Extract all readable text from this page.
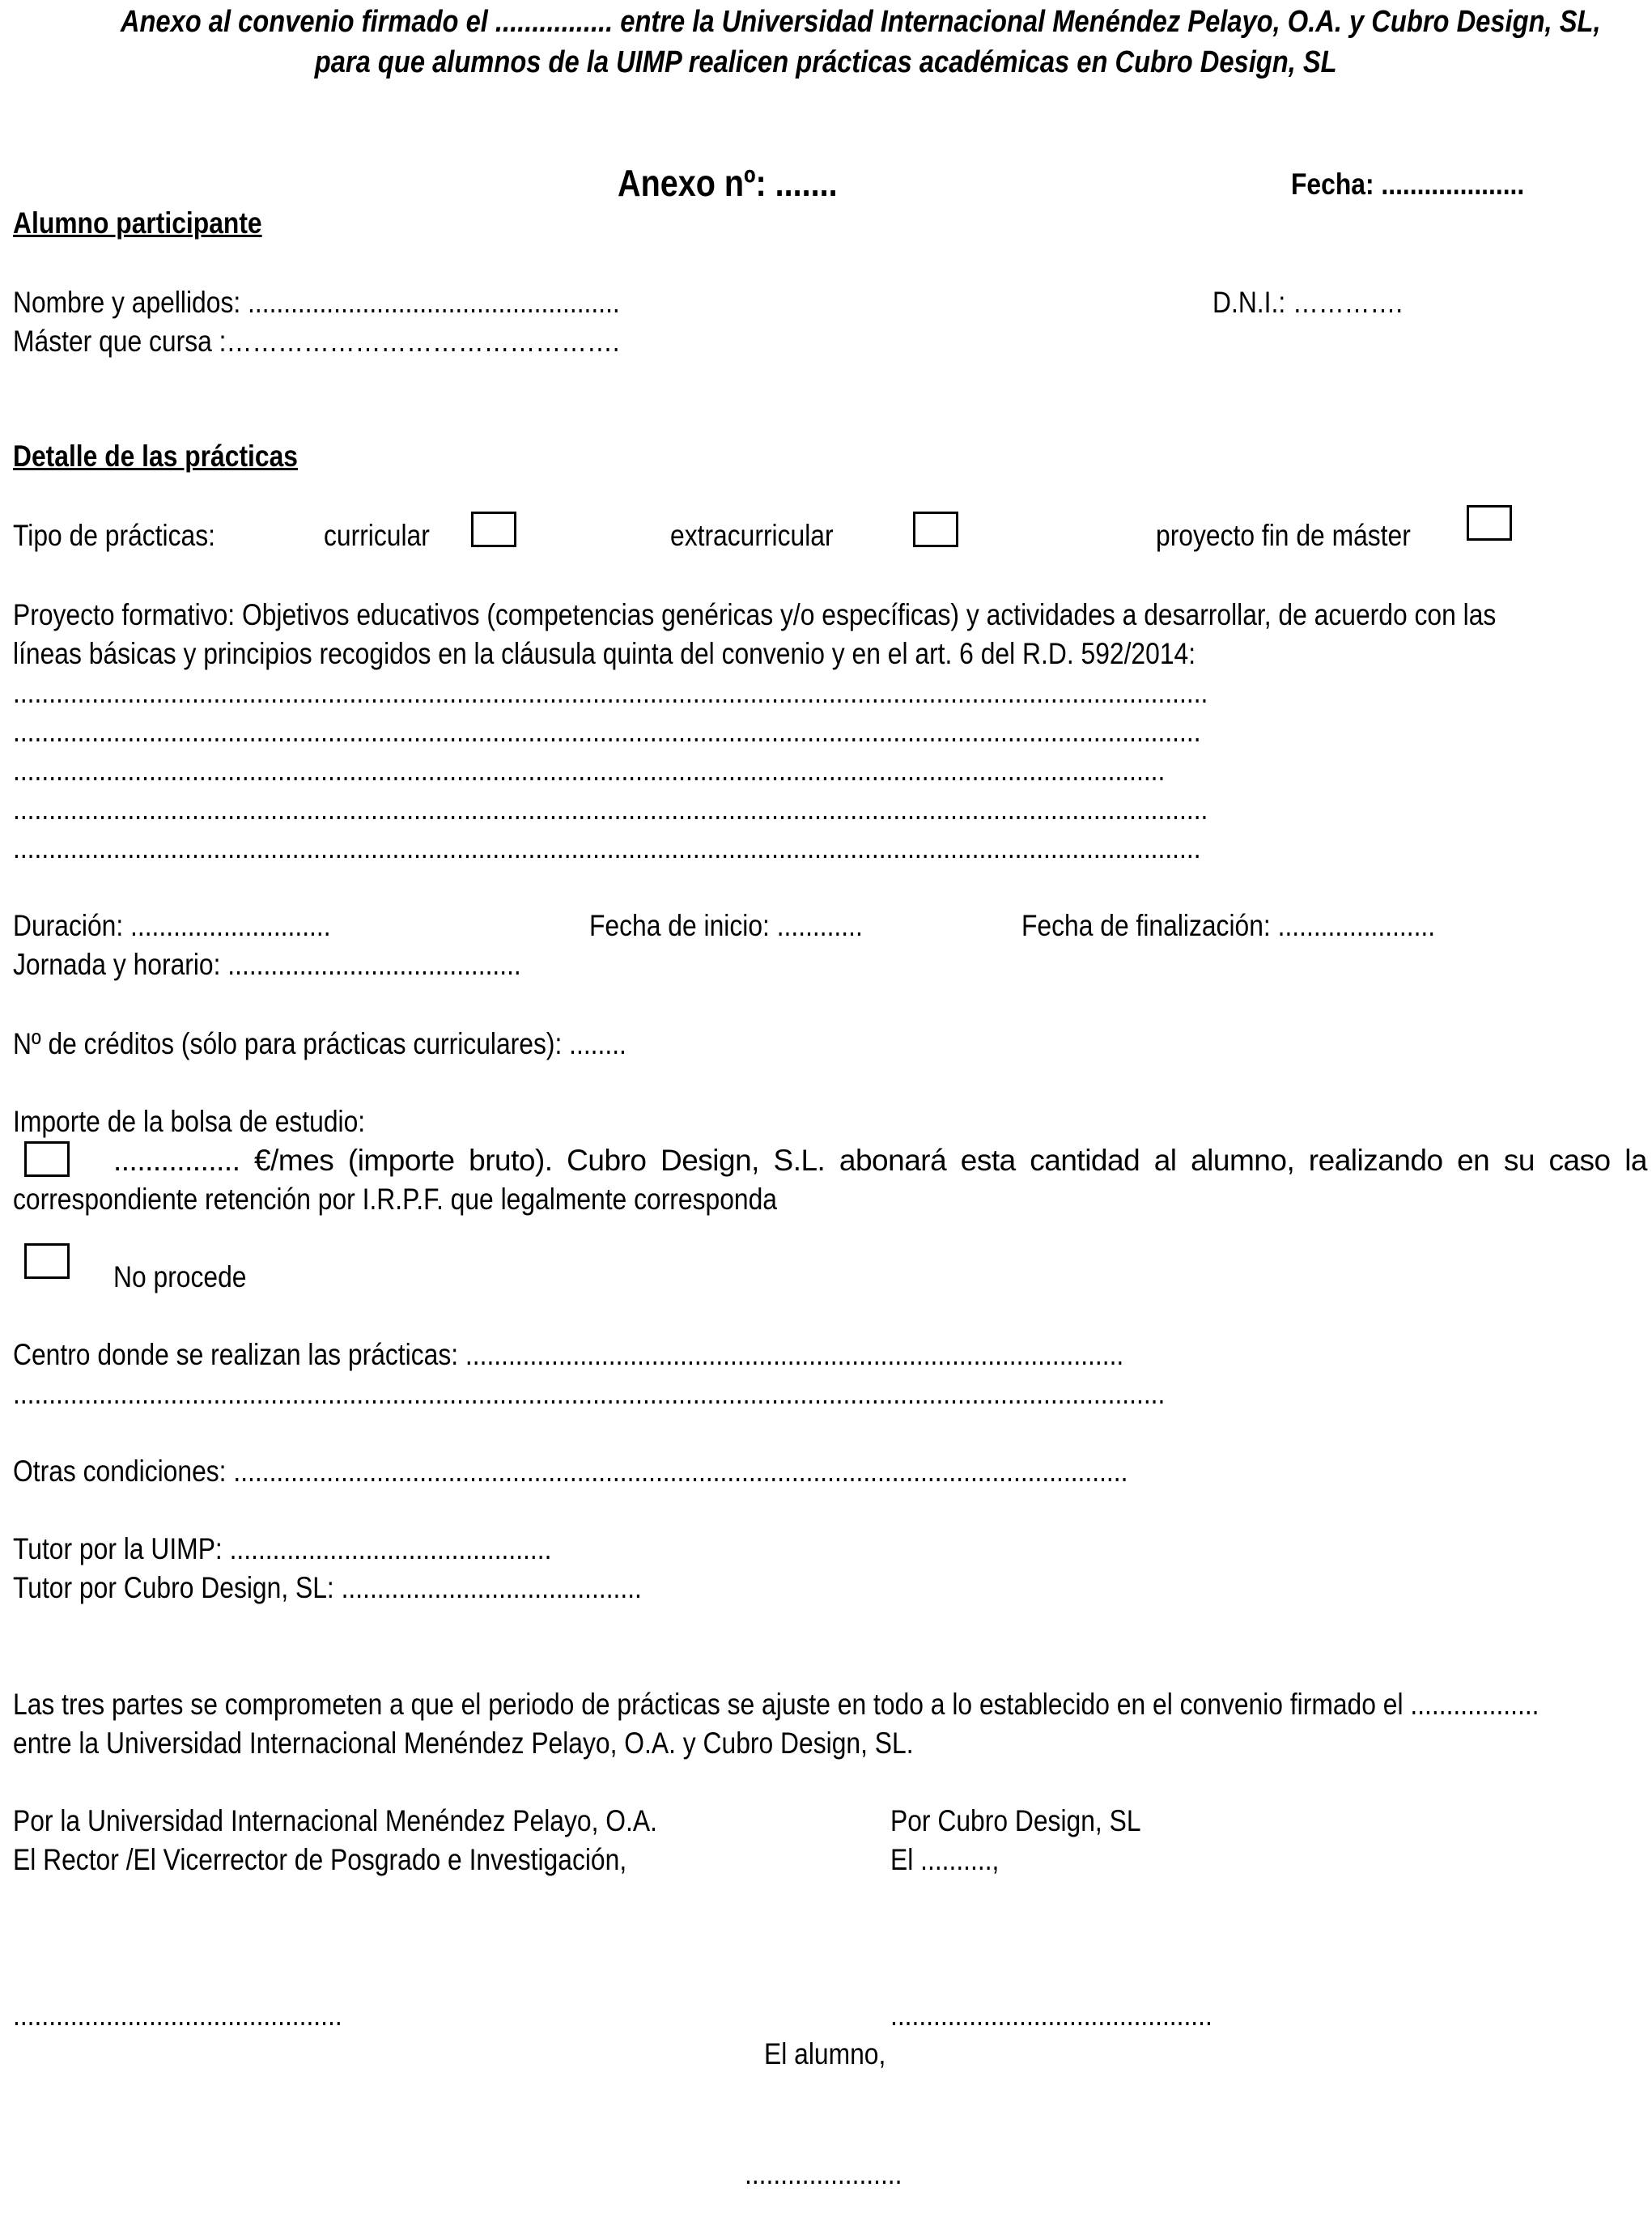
Anexo al convenio firmado el ................ entre la Universidad Internacional Menéndez Pelayo, O.A. y Cubro Design, SL,
para que alumnos de la UIMP realicen prácticas académicas en Cubro Design, SL
Anexo nº: .......	Fecha: ....................
Alumno participante
Nombre y apellidos: ....................................................	D.N.I.: ………….
Máster que cursa :……………………………………….
Detalle de las prácticas
Tipo de prácticas:	curricular	extracurricular	proyecto fin de máster
Proyecto formativo: Objetivos educativos (competencias genéricas y/o específicas) y actividades a desarrollar, de acuerdo con las
líneas básicas y principios recogidos en la cláusula quinta del convenio y en el art. 6 del R.D. 592/2014:
.......................................................................................................................................................................
......................................................................................................................................................................
.................................................................................................................................................................
.......................................................................................................................................................................
......................................................................................................................................................................
Duración: ............................	Fecha de inicio: ............	Fecha de finalización: ......................
Jornada y horario: .........................................
Nº de créditos (sólo para prácticas curriculares): ........
Importe de la bolsa de estudio:
................ €/mes (importe bruto). Cubro Design, S.L. abonará esta cantidad al alumno, realizando en su caso la
correspondiente retención por I.R.P.F. que legalmente corresponda
No procede
Centro donde se realizan las prácticas: ............................................................................................
.................................................................................................................................................................
Otras condiciones: .............................................................................................................................
Tutor por la UIMP: .............................................
Tutor por Cubro Design, SL: ..........................................
Las tres partes se comprometen a que el periodo de prácticas se ajuste en todo a lo establecido en el convenio firmado el ..................
entre la Universidad Internacional Menéndez Pelayo, O.A. y Cubro Design, SL.
Por la Universidad Internacional Menéndez Pelayo, O.A.
El Rector /El Vicerrector de Posgrado e Investigación,
Por Cubro Design, SL
El ..........,
..............................................	.............................................
El alumno,
......................
